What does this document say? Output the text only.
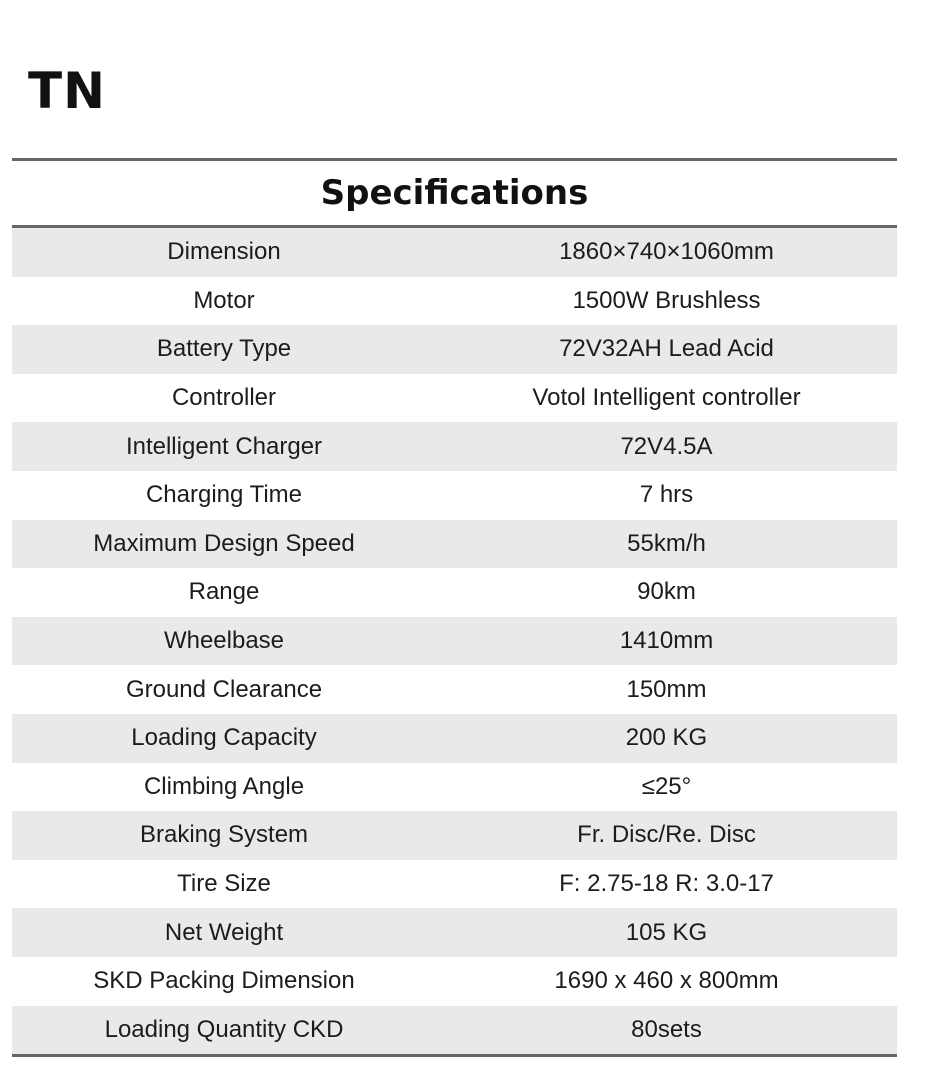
TN
Specifications
Dimension	1860×740×1060mm
Motor	1500W Brushless
Battery Type	72V32AH Lead Acid
Controller	Votol Intelligent controller
Intelligent Charger	72V4.5A
Charging Time	7 hrs
Maximum Design Speed	55km/h
Range	90km
Wheelbase	1410mm
Ground Clearance	150mm
Loading Capacity	200 KG
Climbing Angle	≤25°
Braking System	Fr. Disc/Re. Disc
Tire Size	F: 2.75-18 R: 3.0-17
Net Weight	105 KG
SKD Packing Dimension	1690 x 460 x 800mm
Loading Quantity CKD	80sets
